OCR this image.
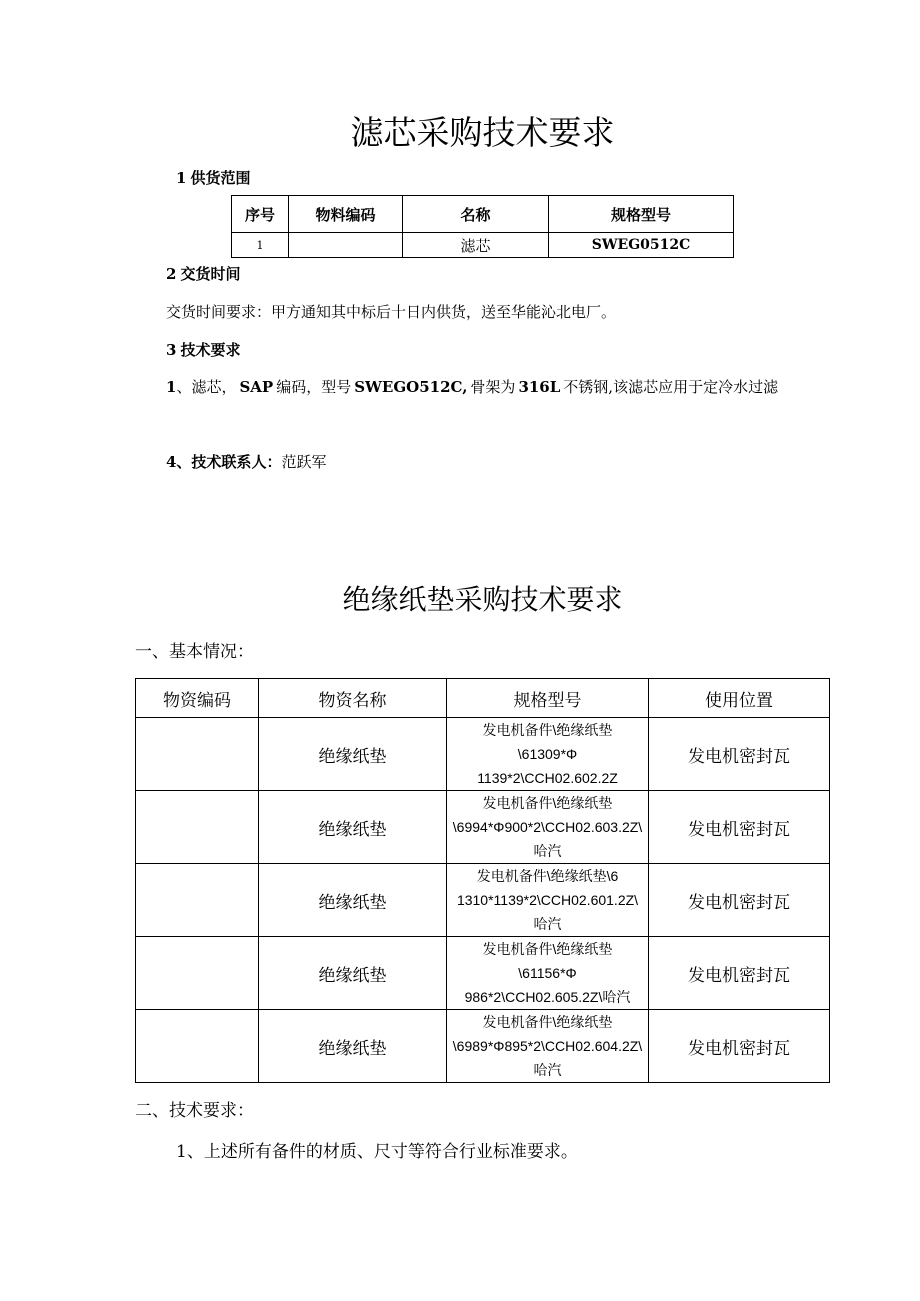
滤芯采购技术要求
1 供货范围
序号	物料编码	名称	规格型号
1		滤芯	SWEG0512C
2 交货时间
交货时间要求：甲方通知其中标后十日内供货，送至华能沁北电厂。
3 技术要求
1、滤芯， SAP 编码，型号 SWEGO512C, 骨架为 316L 不锈钢,该滤芯应用于定冷水过滤
4、技术联系人：范跃军
绝缘纸垫采购技术要求
一、基本情况：
物资编码	物资名称	规格型号	使用位置
	绝缘纸垫	发电机备件\绝缘纸垫
\61309*Φ
1139*2\CCH02.602.2Z	发电机密封瓦
	绝缘纸垫	发电机备件\绝缘纸垫
\6994*Φ900*2\CCH02.603.2Z\
哈汽	发电机密封瓦
	绝缘纸垫	发电机备件\绝缘纸垫\6
1310*1139*2\CCH02.601.2Z\
哈汽	发电机密封瓦
	绝缘纸垫	发电机备件\绝缘纸垫
\61156*Φ
986*2\CCH02.605.2Z\哈汽	发电机密封瓦
	绝缘纸垫	发电机备件\绝缘纸垫
\6989*Φ895*2\CCH02.604.2Z\
哈汽	发电机密封瓦
二、技术要求：
1、上述所有备件的材质、尺寸等符合行业标准要求。
